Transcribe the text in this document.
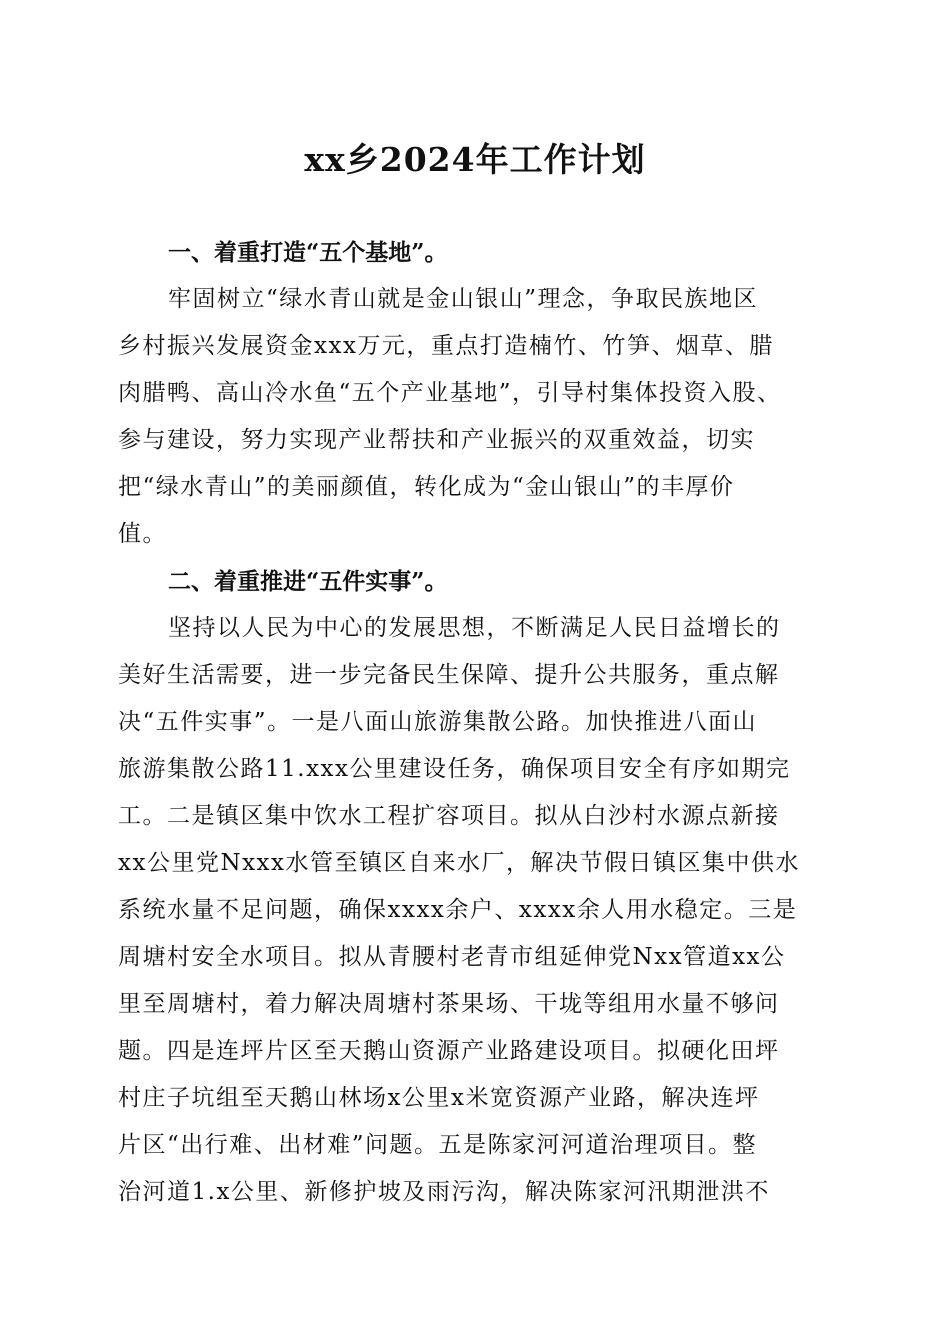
xx乡2024年工作计划

一、着重打造“五个基地”。

牢固树立“绿水青山就是金山银山”理念，争取民族地区
乡村振兴发展资金xxx万元，重点打造楠竹、竹笋、烟草、腊
肉腊鸭、高山冷水鱼“五个产业基地”，引导村集体投资入股、
参与建设，努力实现产业帮扶和产业振兴的双重效益，切实
把“绿水青山”的美丽颜值，转化成为“金山银山”的丰厚价
值。

二、着重推进“五件实事”。

坚持以人民为中心的发展思想，不断满足人民日益增长的
美好生活需要，进一步完备民生保障、提升公共服务，重点解
决“五件实事”。一是八面山旅游集散公路。加快推进八面山
旅游集散公路11.xxx公里建设任务，确保项目安全有序如期完
工。二是镇区集中饮水工程扩容项目。拟从白沙村水源点新接
xx公里党Nxxx水管至镇区自来水厂，解决节假日镇区集中供水
系统水量不足问题，确保xxxx余户、xxxx余人用水稳定。三是
周塘村安全水项目。拟从青腰村老青市组延伸党Nxx管道xx公
里至周塘村，着力解决周塘村茶果场、干垅等组用水量不够问
题。四是连坪片区至天鹅山资源产业路建设项目。拟硬化田坪
村庄子坑组至天鹅山林场x公里x米宽资源产业路，解决连坪
片区“出行难、出材难”问题。五是陈家河河道治理项目。整
治河道1.x公里、新修护坡及雨污沟，解决陈家河汛期泄洪不
